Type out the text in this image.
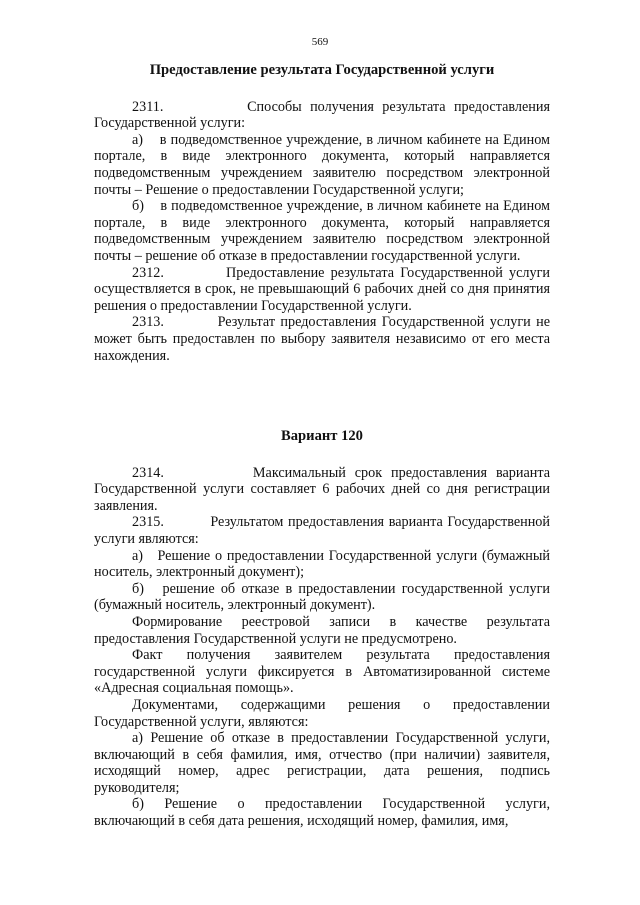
569
Предоставление результата Государственной услуги

2311.          Способы получения результата предоставления Государственной услуги:

а)    в подведомственное учреждение, в личном кабинете на Едином портале, в виде электронного документа, который направляется подведомственным учреждением заявителю посредством электронной почты – Решение о предоставлении Государственной услуги;

б)    в подведомственное учреждение, в личном кабинете на Едином портале, в виде электронного документа, который направляется подведомственным учреждением заявителю посредством электронной почты – решение об отказе в предоставлении государственной услуги.

2312.          Предоставление результата Государственной услуги осуществляется в срок, не превышающий 6 рабочих дней со дня принятия решения о предоставлении Государственной услуги.

2313.          Результат предоставления Государственной услуги не может быть предоставлен по выбору заявителя независимо от его места нахождения.

Вариант 120

2314.          Максимальный срок предоставления варианта Государственной услуги составляет 6 рабочих дней со дня регистрации заявления.

2315.          Результатом предоставления варианта Государственной услуги являются:

а)   Решение о предоставлении Государственной услуги (бумажный носитель, электронный документ);

б)   решение об отказе в предоставлении государственной услуги (бумажный носитель, электронный документ).

Формирование реестровой записи в качестве результата предоставления Государственной услуги не предусмотрено.

Факт получения заявителем результата предоставления государственной услуги фиксируется в Автоматизированной системе «Адресная социальная помощь».

Документами, содержащими решения о предоставлении Государственной услуги, являются:

а) Решение об отказе в предоставлении Государственной услуги, включающий в себя фамилия, имя, отчество (при наличии) заявителя, исходящий номер, адрес регистрации, дата решения, подпись руководителя;

б) Решение о предоставлении Государственной услуги, включающий в себя дата решения, исходящий номер, фамилия, имя,
